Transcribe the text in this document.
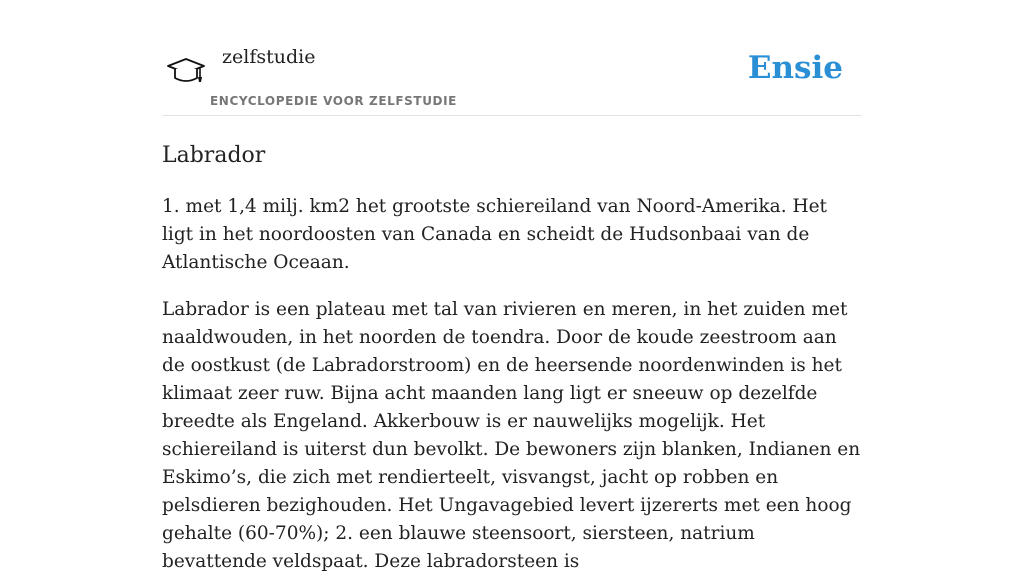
zelfstudie
ENCYCLOPEDIE VOOR ZELFSTUDIE
Ensie
Labrador

1. met 1,4 milj. km2 het grootste schiereiland van Noord-Amerika. Het ligt in het noordoosten van Canada en scheidt de Hudsonbaai van de Atlantische Oceaan.

Labrador is een plateau met tal van rivieren en meren, in het zuiden met naaldwouden, in het noorden de toendra. Door de koude zeestroom aan de oostkust (de Labradorstroom) en de heersende noordenwinden is het klimaat zeer ruw. Bijna acht maanden lang ligt er sneeuw op dezelfde breedte als Engeland. Akkerbouw is er nauwelijks mogelijk. Het schiereiland is uiterst dun bevolkt. De bewoners zijn blanken, Indianen en Eskimo’s, die zich met rendierteelt, visvangst, jacht op robben en pelsdieren bezighouden. Het Ungavagebied levert ijzererts met een hoog gehalte (60-70%); 2. een blauwe steensoort, siersteen, natrium bevattende veldspaat. Deze labradorsteen is
